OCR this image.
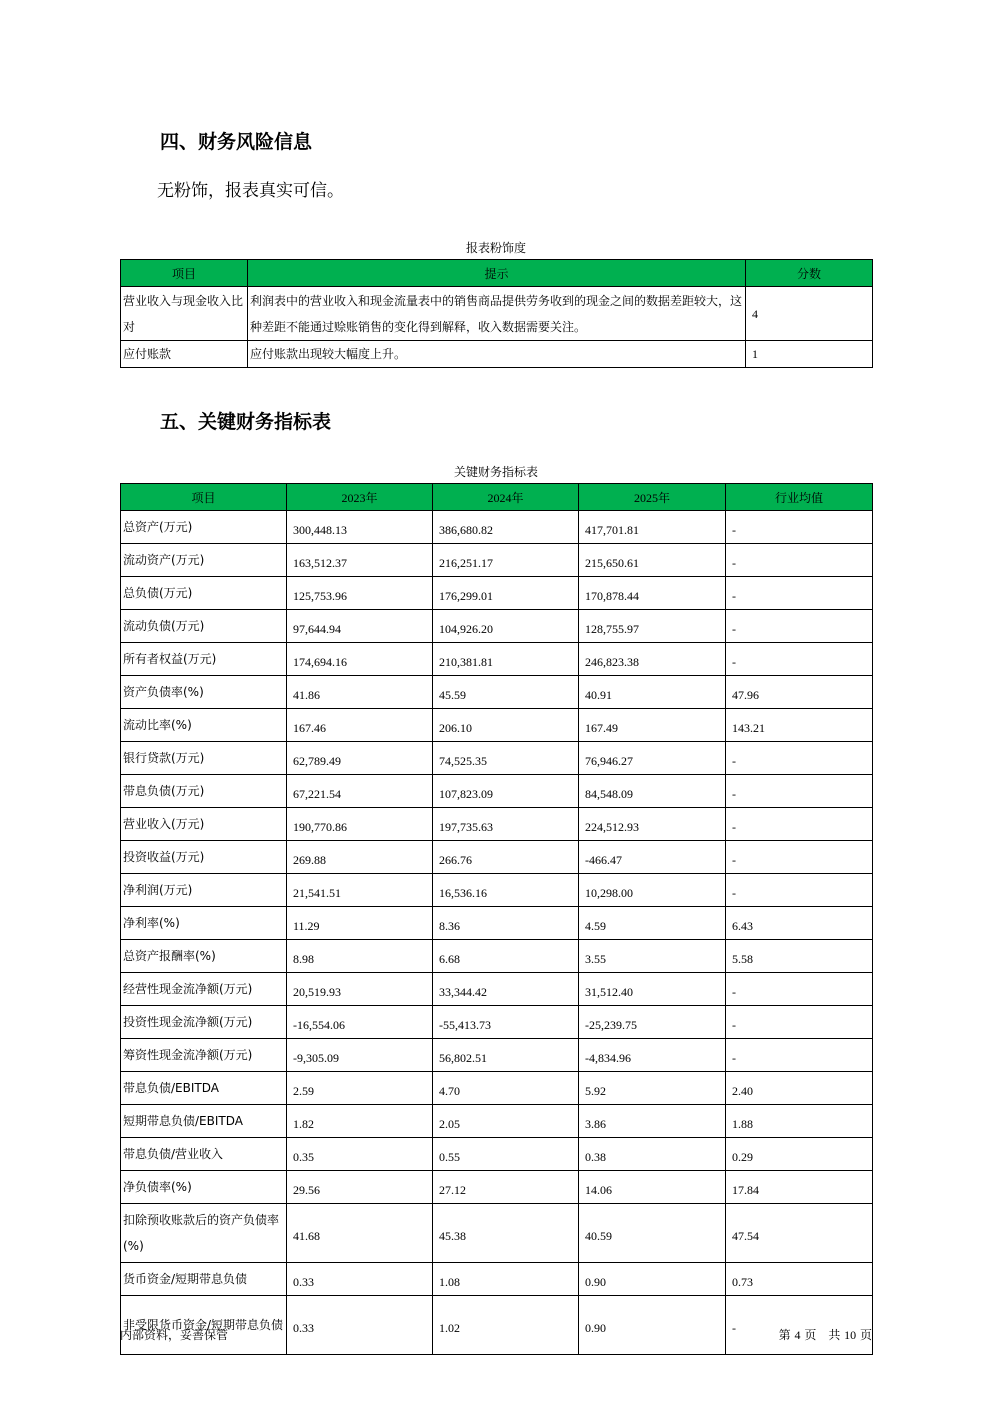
四、财务风险信息

无粉饰，报表真实可信。

报表粉饰度
项目	提示	分数
营业收入与现金收入比对	利润表中的营业收入和现金流量表中的销售商品提供劳务收到的现金之间的数据差距较大，这种差距不能通过赊账销售的变化得到解释，收入数据需要关注。	4
应付账款	应付账款出现较大幅度上升。	1
五、关键财务指标表
关键财务指标表
项目	2023年	2024年	2025年	行业均值
总资产(万元)	300,448.13	386,680.82	417,701.81	-
流动资产(万元)	163,512.37	216,251.17	215,650.61	-
总负债(万元)	125,753.96	176,299.01	170,878.44	-
流动负债(万元)	97,644.94	104,926.20	128,755.97	-
所有者权益(万元)	174,694.16	210,381.81	246,823.38	-
资产负债率(%)	41.86	45.59	40.91	47.96
流动比率(%)	167.46	206.10	167.49	143.21
银行贷款(万元)	62,789.49	74,525.35	76,946.27	-
带息负债(万元)	67,221.54	107,823.09	84,548.09	-
营业收入(万元)	190,770.86	197,735.63	224,512.93	-
投资收益(万元)	269.88	266.76	-466.47	-
净利润(万元)	21,541.51	16,536.16	10,298.00	-
净利率(%)	11.29	8.36	4.59	6.43
总资产报酬率(%)	8.98	6.68	3.55	5.58
经营性现金流净额(万元)	20,519.93	33,344.42	31,512.40	-
投资性现金流净额(万元)	-16,554.06	-55,413.73	-25,239.75	-
筹资性现金流净额(万元)	-9,305.09	56,802.51	-4,834.96	-
带息负债/EBITDA	2.59	4.70	5.92	2.40
短期带息负债/EBITDA	1.82	2.05	3.86	1.88
带息负债/营业收入	0.35	0.55	0.38	0.29
净负债率(%)	29.56	27.12	14.06	17.84
扣除预收账款后的资产负债率(%)	41.68	45.38	40.59	47.54
货币资金/短期带息负债	0.33	1.08	0.90	0.73
非受限货币资金/短期带息负债	0.33	1.02	0.90	-
内部资料，妥善保管	第 4 页　共 10 页
